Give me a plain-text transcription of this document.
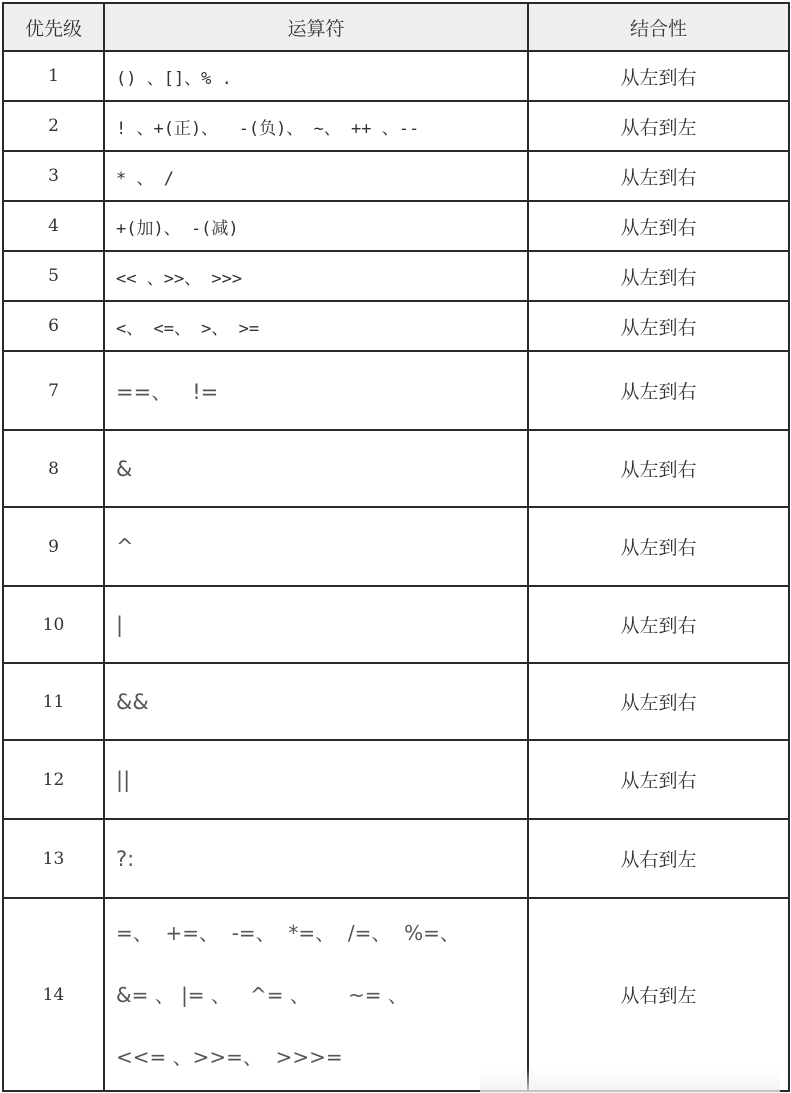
优先级	运算符	结合性
1	() 、[]、% .	从左到右
2	! 、+(正)、  -(负)、 ~、 ++ 、--	从右到左
3	* 、 /	从左到右
4	+(加)、 -(减)	从左到右
5	<< 、>>、 >>>	从左到右
6	<、 <=、 >、 >=	从左到右
7	==、   !=	从左到右
8	&	从左到右
9	^	从左到右
10	|	从左到右
11	&&	从左到右
12	||	从左到右
13	?:	从右到左
14	=、  +=、  -=、  *=、  /=、  %=、
&= 、 |= 、   ^= 、      ~= 、
<<= 、>>=、  >>>=	从右到左
